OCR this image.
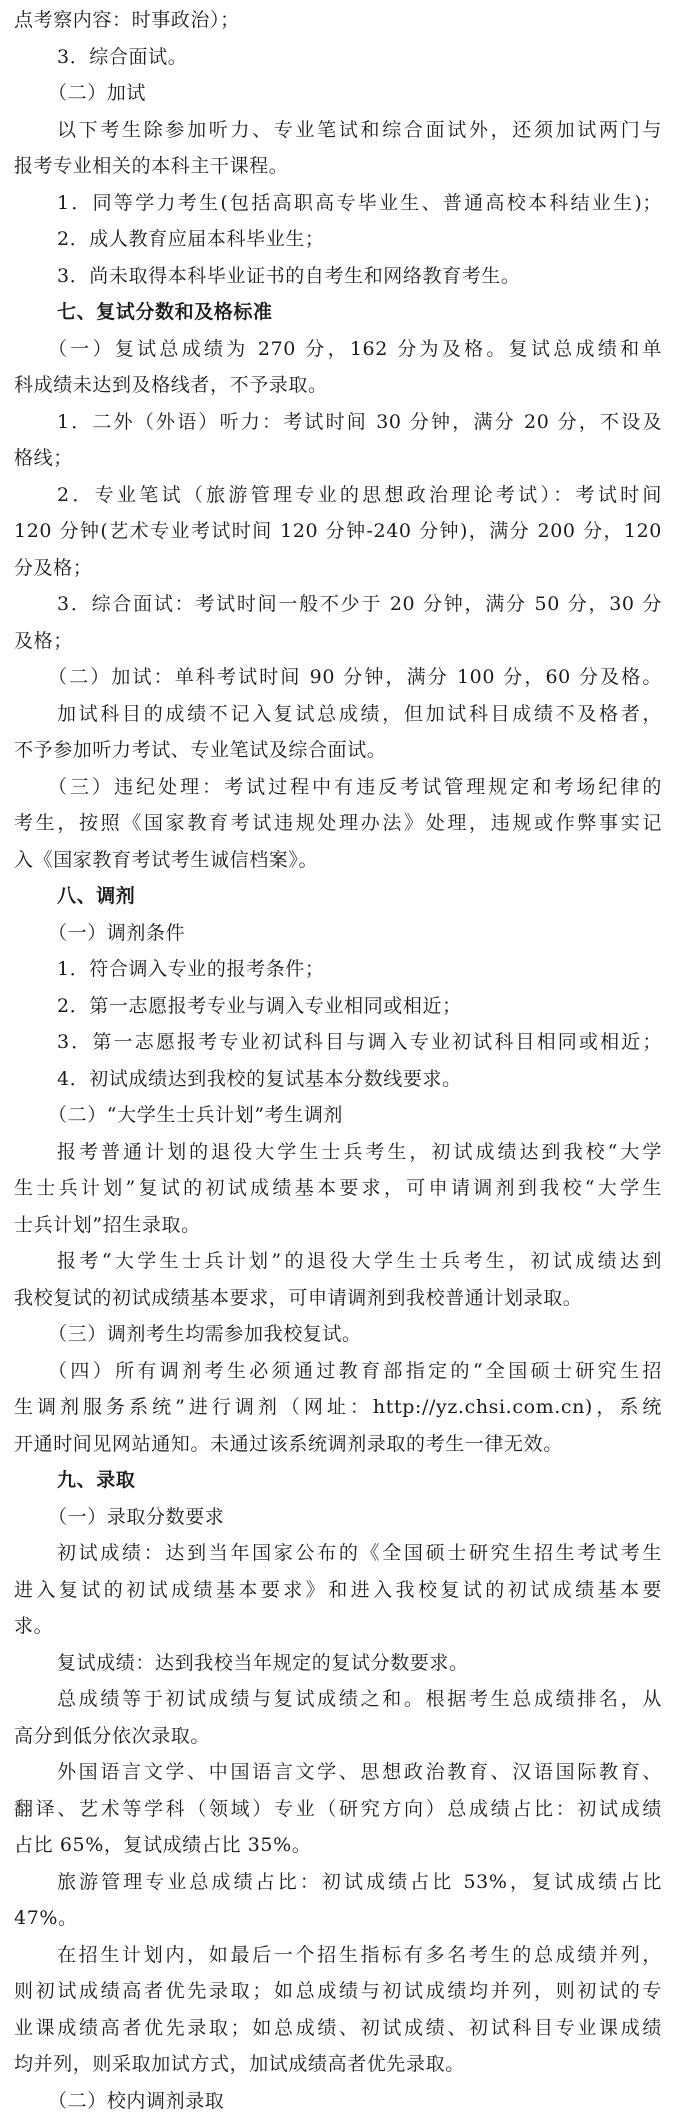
点考察内容：时事政治）；
3．综合面试。
（二）加试
以下考生除参加听力、专业笔试和综合面试外，还须加试两门与
报考专业相关的本科主干课程。
1．同等学力考生(包括高职高专毕业生、普通高校本科结业生)；
2．成人教育应届本科毕业生；
3．尚未取得本科毕业证书的自考生和网络教育考生。
七、复试分数和及格标准
（一）复试总成绩为 270 分，162 分为及格。复试总成绩和单
科成绩未达到及格线者，不予录取。
1．二外（外语）听力：考试时间 30 分钟，满分 20 分，不设及
格线；
2．专业笔试（旅游管理专业的思想政治理论考试）：考试时间
120 分钟(艺术专业考试时间 120 分钟-240 分钟)，满分 200 分，120
分及格；
3．综合面试：考试时间一般不少于 20 分钟，满分 50 分，30 分
及格；
（二）加试：单科考试时间 90 分钟，满分 100 分，60 分及格。
加试科目的成绩不记入复试总成绩，但加试科目成绩不及格者，
不予参加听力考试、专业笔试及综合面试。
（三）违纪处理：考试过程中有违反考试管理规定和考场纪律的
考生，按照《国家教育考试违规处理办法》处理，违规或作弊事实记
入《国家教育考试考生诚信档案》。
八、调剂
（一）调剂条件
1．符合调入专业的报考条件；
2．第一志愿报考专业与调入专业相同或相近；
3．第一志愿报考专业初试科目与调入专业初试科目相同或相近；
4．初试成绩达到我校的复试基本分数线要求。
（二）“大学生士兵计划”考生调剂
报考普通计划的退役大学生士兵考生，初试成绩达到我校“大学
生士兵计划”复试的初试成绩基本要求，可申请调剂到我校“大学生
士兵计划”招生录取。
报考“大学生士兵计划”的退役大学生士兵考生，初试成绩达到
我校复试的初试成绩基本要求，可申请调剂到我校普通计划录取。
（三）调剂考生均需参加我校复试。
（四）所有调剂考生必须通过教育部指定的“全国硕士研究生招
生调剂服务系统”进行调剂（网址：http://yz.chsi.com.cn)，系统
开通时间见网站通知。未通过该系统调剂录取的考生一律无效。
九、录取
（一）录取分数要求
初试成绩：达到当年国家公布的《全国硕士研究生招生考试考生
进入复试的初试成绩基本要求》和进入我校复试的初试成绩基本要
求。
复试成绩：达到我校当年规定的复试分数要求。
总成绩等于初试成绩与复试成绩之和。根据考生总成绩排名，从
高分到低分依次录取。
外国语言文学、中国语言文学、思想政治教育、汉语国际教育、
翻译、艺术等学科（领域）专业（研究方向）总成绩占比：初试成绩
占比 65%，复试成绩占比 35%。
旅游管理专业总成绩占比：初试成绩占比 53%，复试成绩占比
47%。
在招生计划内，如最后一个招生指标有多名考生的总成绩并列，
则初试成绩高者优先录取；如总成绩与初试成绩均并列，则初试的专
业课成绩高者优先录取；如总成绩、初试成绩、初试科目专业课成绩
均并列，则采取加试方式，加试成绩高者优先录取。
（二）校内调剂录取
